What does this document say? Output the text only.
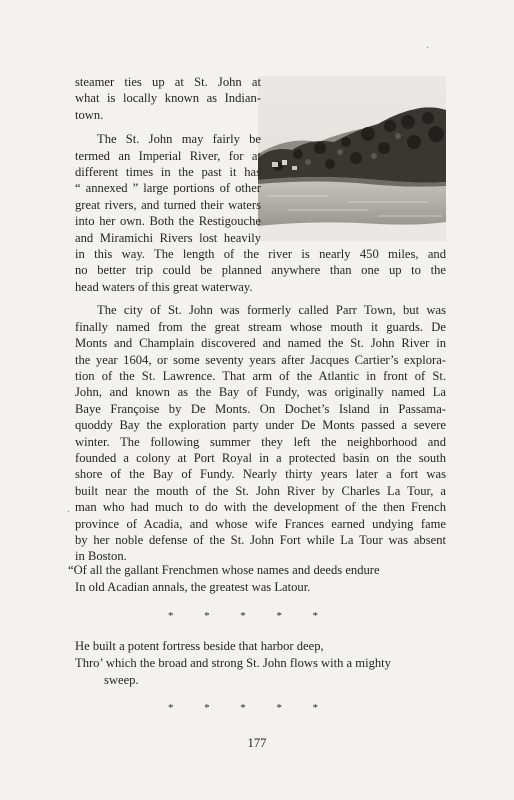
steamer ties up at St. John at
what is locally known as Indian-
town.
The St. John may fairly be
termed an Imperial River, for at
different times in the past it has
“ annexed ” large portions of other
great rivers, and turned their waters
into her own. Both the Restigouche
and Miramichi Rivers lost heavily
in this way. The length of the river is nearly 450 miles, and
no better trip could be planned anywhere than one up to the
head waters of this great waterway.
The city of St. John was formerly called Parr Town, but was
finally named from the great stream whose mouth it guards. De
Monts and Champlain discovered and named the St. John River in
the year 1604, or some seventy years after Jacques Cartier’s explora-
tion of the St. Lawrence. That arm of the Atlantic in front of St.
John, and known as the Bay of Fundy, was originally named La
Baye Françoise by De Monts. On Dochet’s Island in Passama-
quoddy Bay the exploration party under De Monts passed a severe
winter. The following summer they left the neighborhood and
founded a colony at Port Royal in a protected basin on the south
shore of the Bay of Fundy. Nearly thirty years later a fort was
built near the mouth of the St. John River by Charles La Tour, a
man who had much to do with the development of the then French
province of Acadia, and whose wife Frances earned undying fame
by her noble defense of the St. John Fort while La Tour was absent
in Boston.
“Of all the gallant Frenchmen whose names and deeds endure
In old Acadian annals, the greatest was Latour.
*	*	*	*	*
He built a potent fortress beside that harbor deep,
Thro’ which the broad and strong St. John flows with a mighty
sweep.
*	*	*	*	*
177
